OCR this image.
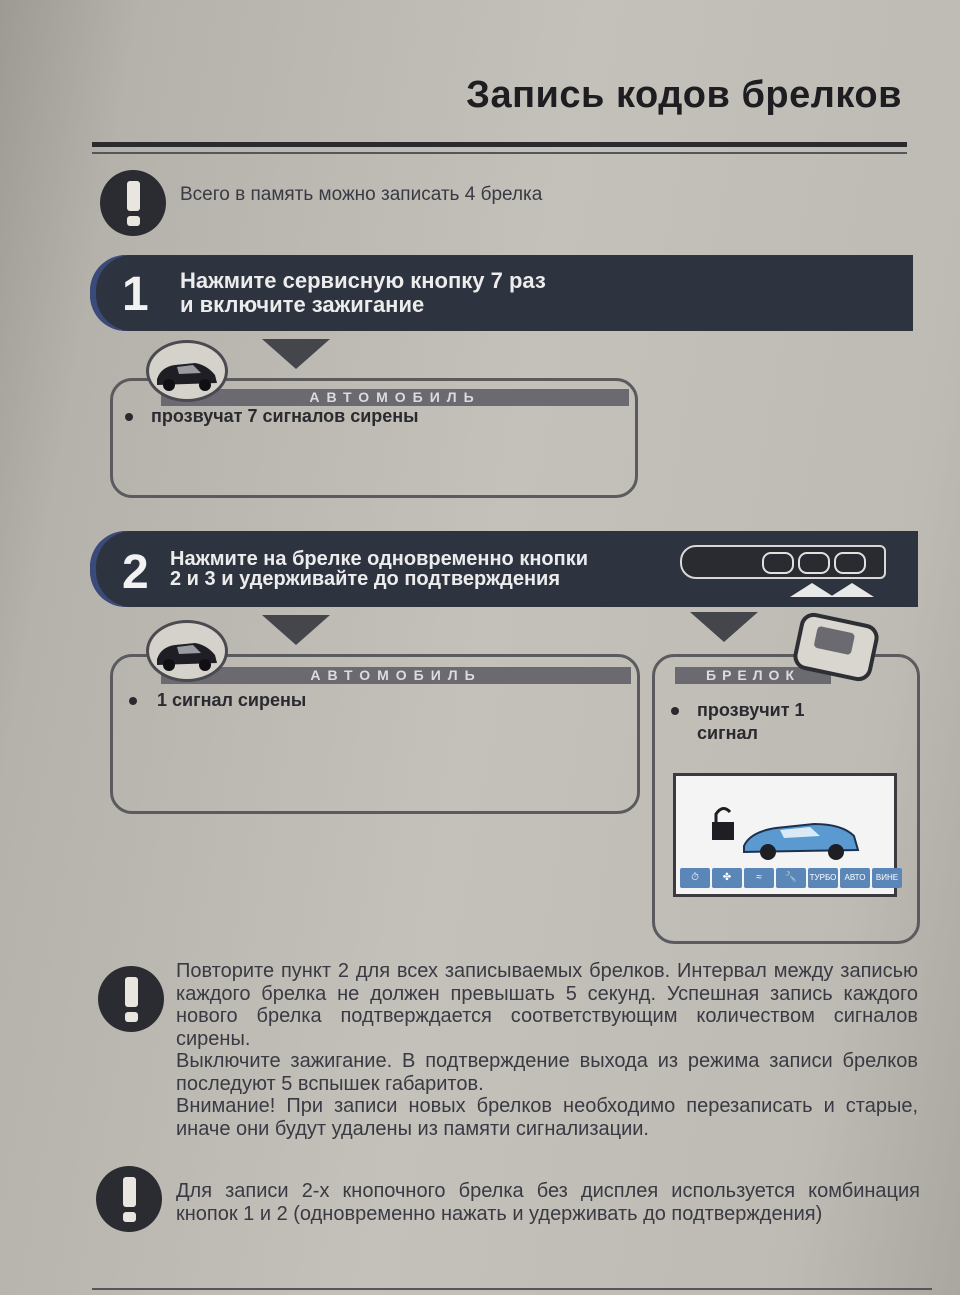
Запись кодов брелков
Всего в память можно записать 4 брелка
1 Нажмите сервисную кнопку 7 раз
и включите зажигание
АВТОМОБИЛЬ
прозвучат 7 сигналов сирены
2 Нажмите на брелке одновременно кнопки
2 и 3 и удерживайте до подтверждения
АВТОМОБИЛЬ
1 сигнал сирены
БРЕЛОК
прозвучит 1
сигнал
⏱	✤	≈	🔧	ТУРБО	АВТО	ВИНЕ
Повторите пункт 2 для всех записываемых брелков. Интервал между записью каждого брелка не должен превышать 5 секунд. Успешная запись каждого нового брелка подтверждается соответствующим количеством сигналов сирены.
Выключите зажигание. В подтверждение выхода из режима записи брелков последуют 5 вспышек габаритов.
Внимание! При записи новых брелков необходимо перезаписать и старые, иначе они будут удалены из памяти сигнализации.
Для записи 2-х кнопочного брелка без дисплея используется комбинация кнопок 1 и 2 (одновременно нажать и удерживать до подтверждения)
